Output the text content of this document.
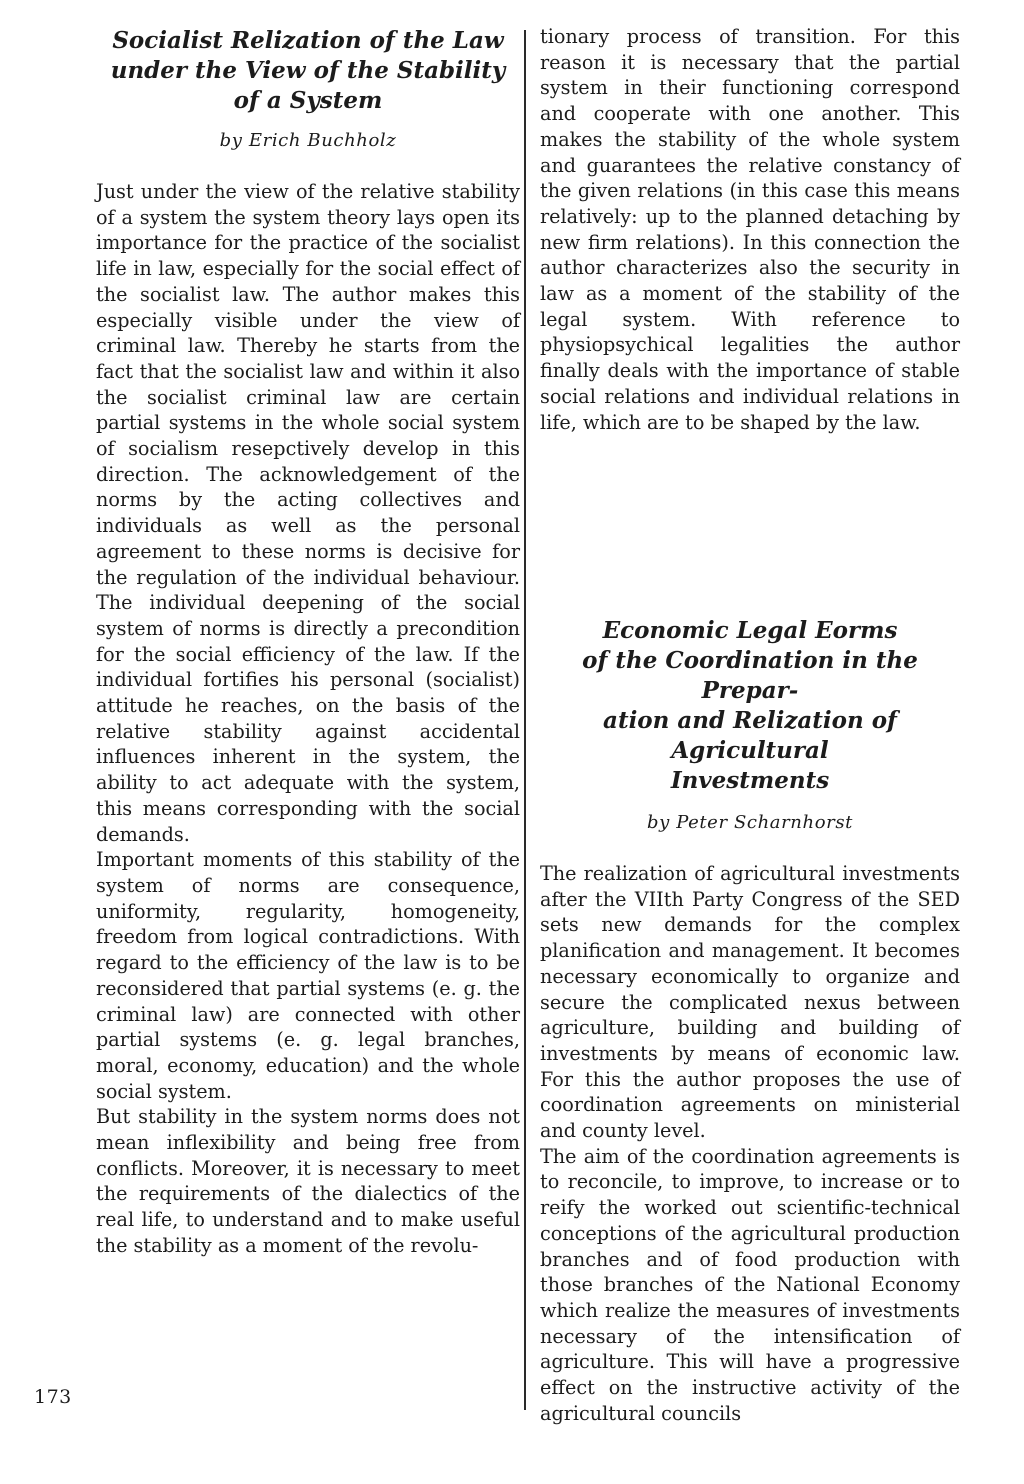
Socialist Relization of the Law
under the View of the Stability
of a System

by Erich Buchholz

Just under the view of the relative stability of a system the system theory lays open its importance for the practice of the socialist life in law, especially for the social effect of the socialist law. The author makes this especially visible under the view of criminal law. Thereby he starts from the fact that the socialist law and within it also the socialist criminal law are certain partial systems in the whole social system of socialism resepctively develop in this direction. The acknowledgement of the norms by the acting collectives and individuals as well as the personal agreement to these norms is decisive for the regulation of the individual behaviour. The individual deepening of the social system of norms is directly a precondition for the social efficiency of the law. If the individual fortifies his personal (socialist) attitude he reaches, on the basis of the relative stability against accidental influences inherent in the system, the ability to act adequate with the system, this means corresponding with the social demands.

Important moments of this stability of the system of norms are consequence, uniformity, regularity, homogeneity, freedom from logical contradictions. With regard to the efficiency of the law is to be reconsidered that partial systems (e. g. the criminal law) are connected with other partial systems (e. g. legal branches, moral, economy, education) and the whole social system.

But stability in the system norms does not mean inflexibility and being free from conflicts. Moreover, it is necessary to meet the requirements of the dialectics of the real life, to understand and to make useful the stability as a moment of the revolu-

tionary process of transition. For this reason it is necessary that the partial system in their functioning correspond and cooperate with one another. This makes the stability of the whole system and guarantees the relative constancy of the given relations (in this case this means relatively: up to the planned detaching by new firm relations). In this connection the author characterizes also the security in law as a moment of the stability of the legal system. With reference to physiopsychical legalities the author finally deals with the importance of stable social relations and individual relations in life, which are to be shaped by the law.

Economic Legal Eorms
of the Coordination in the Prepar-
ation and Relization of Agricultural
Investments

by Peter Scharnhorst

The realization of agricultural investments after the VIIth Party Congress of the SED sets new demands for the complex planification and management. It becomes necessary economically to organize and secure the complicated nexus between agriculture, building and building of investments by means of economic law. For this the author proposes the use of coordination agreements on ministerial and county level.

The aim of the coordination agreements is to reconcile, to improve, to increase or to reify the worked out scientific-technical conceptions of the agricultural production branches and of food production with those branches of the National Economy which realize the measures of investments necessary of the intensification of agriculture. This will have a progressive effect on the instructive activity of the agricultural councils

173
